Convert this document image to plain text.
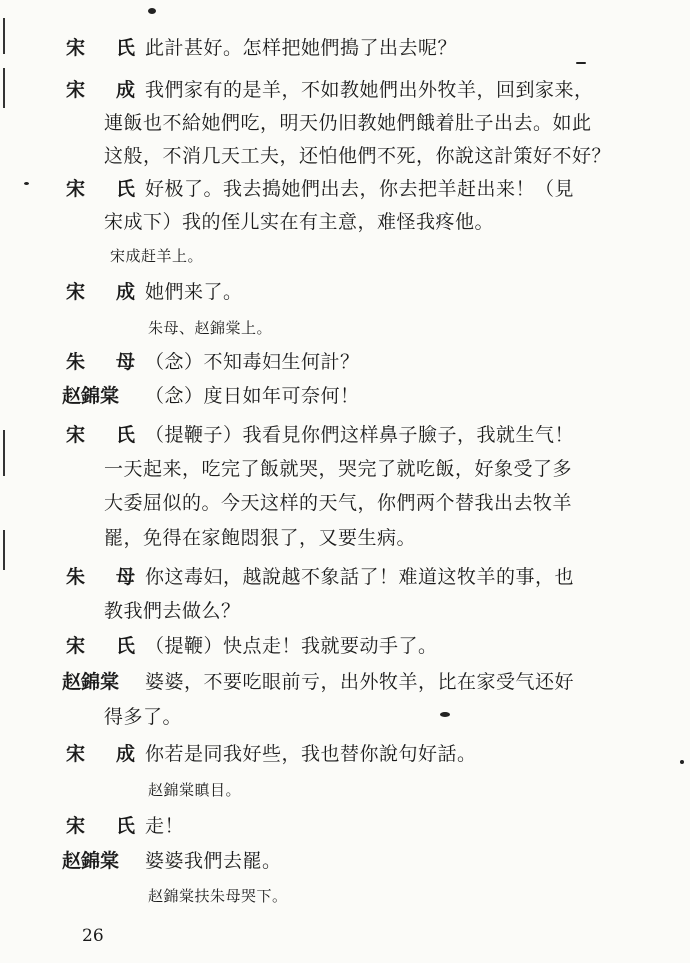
宋　氏 此計甚好。怎样把她們搗了出去呢？
宋　成 我們家有的是羊，不如教她們出外牧羊，回到家来，
連飯也不給她們吃，明天仍旧教她們餓着肚子出去。如此
这般，不消几天工夫，还怕他們不死，你說这計策好不好？
宋　氏 好极了。我去搗她們出去，你去把羊赶出来！（見
宋成下）我的侄儿实在有主意，难怪我疼他。
宋成赶羊上。
宋　成 她們来了。
朱母、赵錦棠上。
朱　母 （念）不知毒妇生何計？
赵錦棠 （念）度日如年可奈何！
宋　氏 （提鞭子）我看見你們这样鼻子臉子，我就生气！
一天起来，吃完了飯就哭，哭完了就吃飯，好象受了多
大委屈似的。今天这样的天气，你們两个替我出去牧羊
罷，免得在家飽悶狠了，又要生病。
朱　母 你这毒妇，越說越不象話了！难道这牧羊的事，也
教我們去做么？
宋　氏 （提鞭）快点走！我就要动手了。
赵錦棠 婆婆，不要吃眼前亏，出外牧羊，比在家受气还好
得多了。
宋　成 你若是同我好些，我也替你說句好話。
赵錦棠瞋目。
宋　氏 走！
赵錦棠 婆婆我們去罷。
赵錦棠扶朱母哭下。
26
